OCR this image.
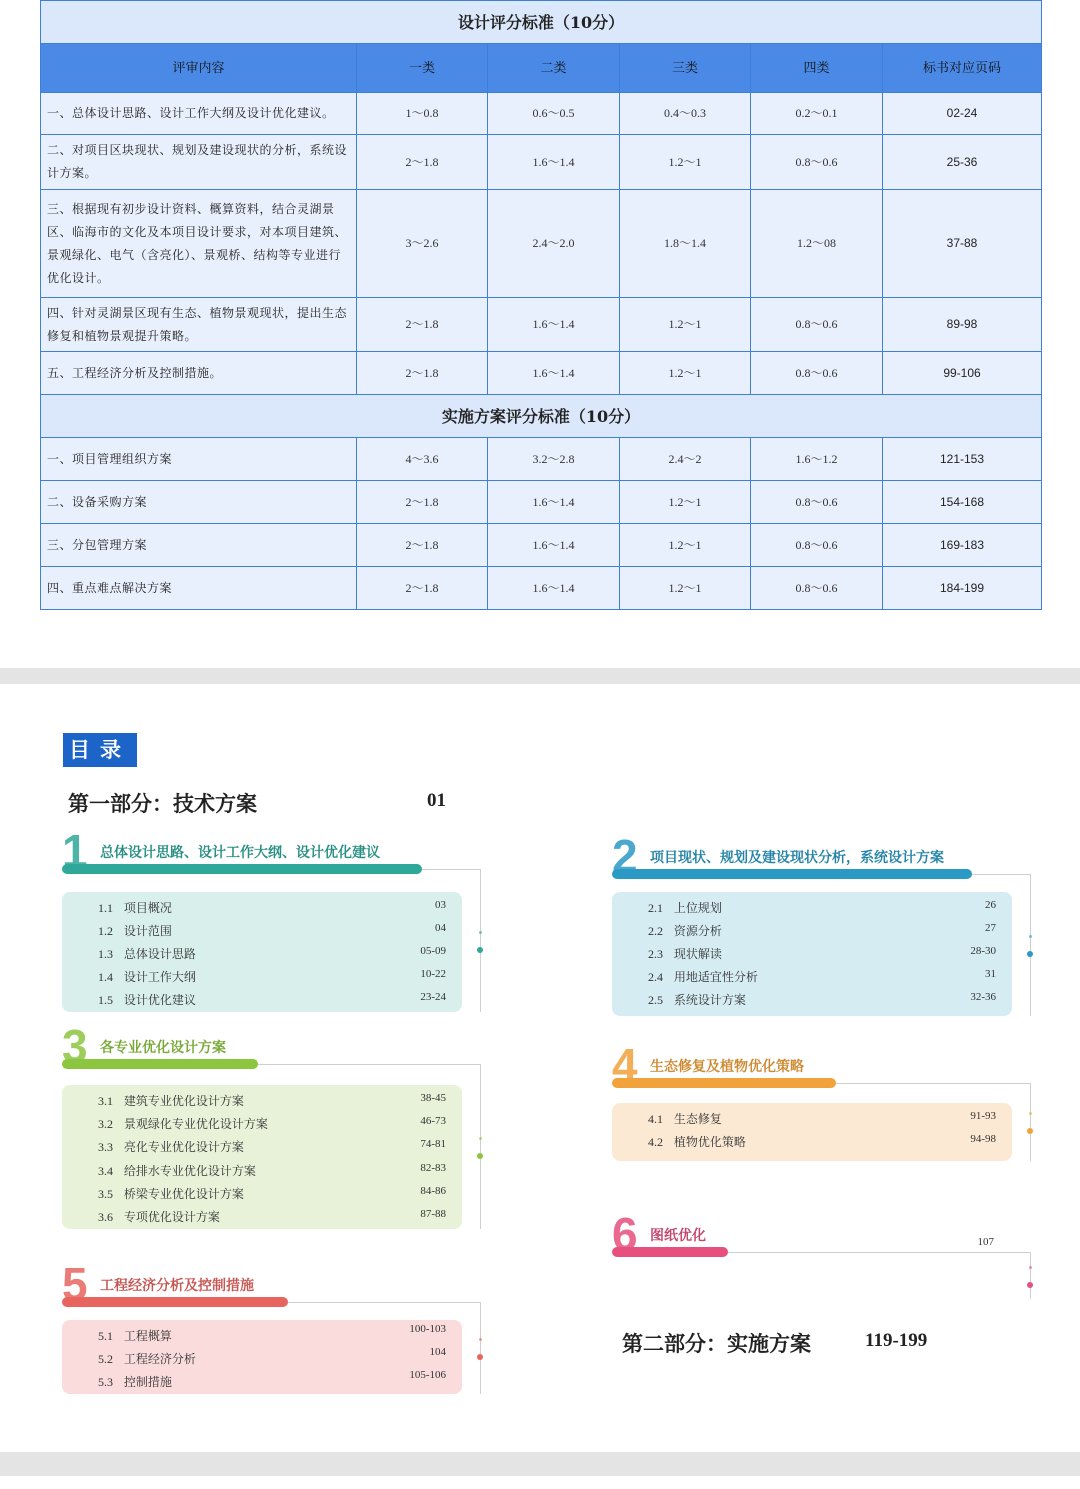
设计评分标准（10分）					
评审内容	一类	二类	三类	四类	标书对应页码
一、总体设计思路、设计工作大纲及设计优化建议。	1～0.8	0.6～0.5	0.4～0.3	0.2～0.1	02-24
二、对项目区块现状、规划及建设现状的分析，系统设计方案。	2～1.8	1.6～1.4	1.2～1	0.8～0.6	25-36
三、根据现有初步设计资料、概算资料，结合灵湖景区、临海市的文化及本项目设计要求，对本项目建筑、景观绿化、电气（含亮化）、景观桥、结构等专业进行优化设计。	3～2.6	2.4～2.0	1.8～1.4	1.2～08	37-88
四、针对灵湖景区现有生态、植物景观现状，提出生态修复和植物景观提升策略。	2～1.8	1.6～1.4	1.2～1	0.8～0.6	89-98
五、工程经济分析及控制措施。	2～1.8	1.6～1.4	1.2～1	0.8～0.6	99-106
实施方案评分标准（10分）					
一、项目管理组织方案	4～3.6	3.2～2.8	2.4～2	1.6～1.2	121-153
二、设备采购方案	2～1.8	1.6～1.4	1.2～1	0.8～0.6	154-168
三、分包管理方案	2～1.8	1.6～1.4	1.2～1	0.8～0.6	169-183
四、重点难点解决方案	2～1.8	1.6～1.4	1.2～1	0.8～0.6	184-199
目录
第一部分：技术方案	01
第二部分：实施方案	119-199
1 总体设计思路、设计工作大纲、设计优化建议
1.1 项目概况	03
1.2 设计范围	04
1.3 总体设计思路	05-09
1.4 设计工作大纲	10-22
1.5 设计优化建议	23-24
2 项目现状、规划及建设现状分析，系统设计方案
2.1 上位规划	26
2.2 资源分析	27
2.3 现状解读	28-30
2.4 用地适宜性分析	31
2.5 系统设计方案	32-36
3 各专业优化设计方案
3.1 建筑专业优化设计方案	38-45
3.2 景观绿化专业优化设计方案	46-73
3.3 亮化专业优化设计方案	74-81
3.4 给排水专业优化设计方案	82-83
3.5 桥梁专业优化设计方案	84-86
3.6 专项优化设计方案	87-88
4 生态修复及植物优化策略
4.1 生态修复	91-93
4.2 植物优化策略	94-98
5 工程经济分析及控制措施
5.1 工程概算	100-103
5.2 工程经济分析	104
5.3 控制措施	105-106
6 图纸优化	107
